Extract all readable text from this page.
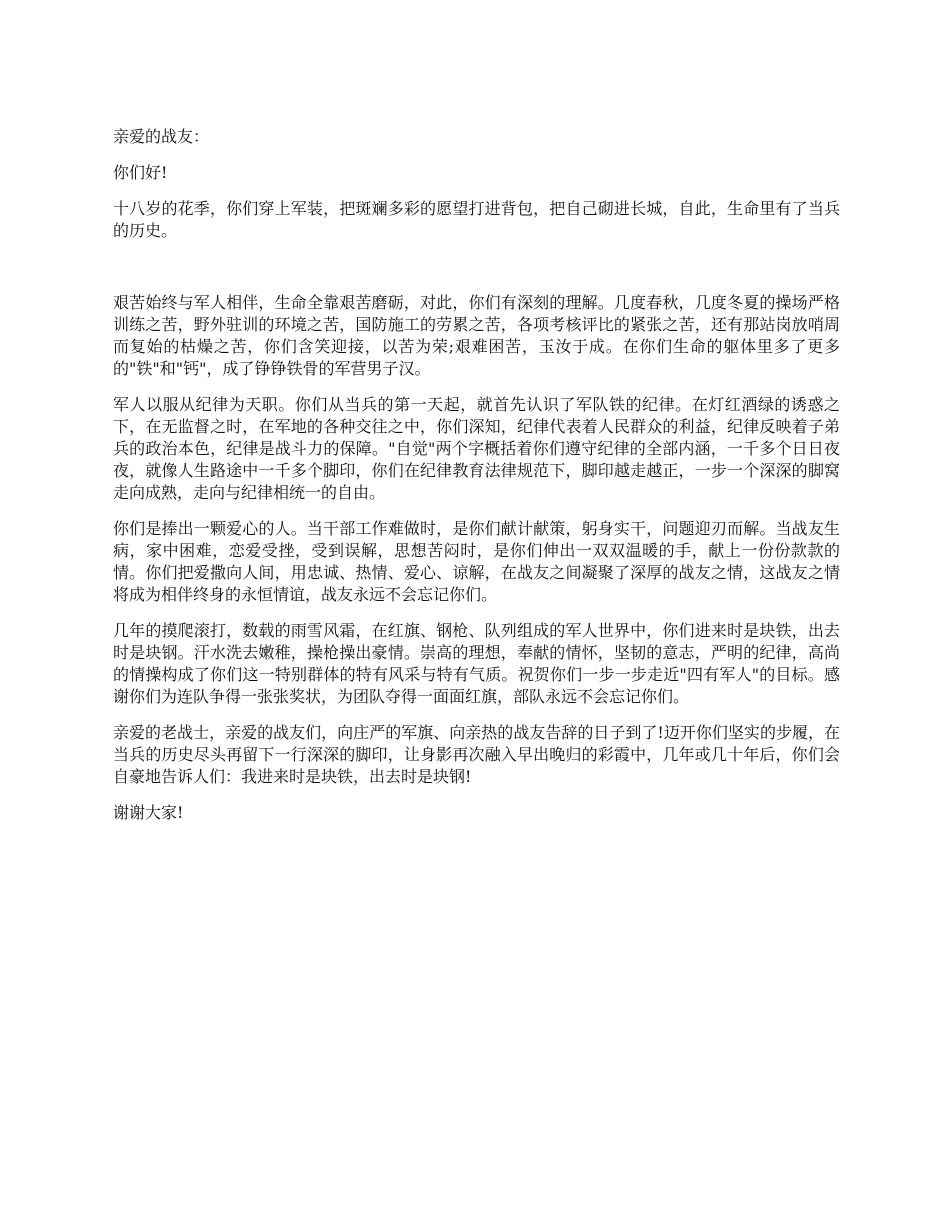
亲爱的战友：

你们好!

十八岁的花季，你们穿上军装，把斑斓多彩的愿望打进背包，把自己砌进长城，自此，生命里有了当兵的历史。

艰苦始终与军人相伴，生命全靠艰苦磨砺，对此，你们有深刻的理解。几度春秋，几度冬夏的操场严格训练之苦，野外驻训的环境之苦，国防施工的劳累之苦，各项考核评比的紧张之苦，还有那站岗放哨周而复始的枯燥之苦，你们含笑迎接，以苦为荣;艰难困苦，玉汝于成。在你们生命的躯体里多了更多的"铁"和"钙"，成了铮铮铁骨的军营男子汉。

军人以服从纪律为天职。你们从当兵的第一天起，就首先认识了军队铁的纪律。在灯红酒绿的诱惑之下，在无监督之时，在军地的各种交往之中，你们深知，纪律代表着人民群众的利益，纪律反映着子弟兵的政治本色，纪律是战斗力的保障。"自觉"两个字概括着你们遵守纪律的全部内涵，一千多个日日夜夜，就像人生路途中一千多个脚印，你们在纪律教育法律规范下，脚印越走越正，一步一个深深的脚窝走向成熟，走向与纪律相统一的自由。

你们是捧出一颗爱心的人。当干部工作难做时，是你们献计献策，躬身实干，问题迎刃而解。当战友生病，家中困难，恋爱受挫，受到误解，思想苦闷时，是你们伸出一双双温暖的手，献上一份份款款的情。你们把爱撒向人间，用忠诚、热情、爱心、谅解，在战友之间凝聚了深厚的战友之情，这战友之情将成为相伴终身的永恒情谊，战友永远不会忘记你们。

几年的摸爬滚打，数载的雨雪风霜，在红旗、钢枪、队列组成的军人世界中，你们进来时是块铁，出去时是块钢。汗水洗去嫩稚，操枪操出豪情。崇高的理想，奉献的情怀，坚韧的意志，严明的纪律，高尚的情操构成了你们这一特别群体的特有风采与特有气质。祝贺你们一步一步走近"四有军人"的目标。感谢你们为连队争得一张张奖状，为团队夺得一面面红旗，部队永远不会忘记你们。

亲爱的老战士，亲爱的战友们，向庄严的军旗、向亲热的战友告辞的日子到了!迈开你们坚实的步履，在当兵的历史尽头再留下一行深深的脚印，让身影再次融入早出晚归的彩霞中，几年或几十年后，你们会自豪地告诉人们：我进来时是块铁，出去时是块钢!

谢谢大家!
